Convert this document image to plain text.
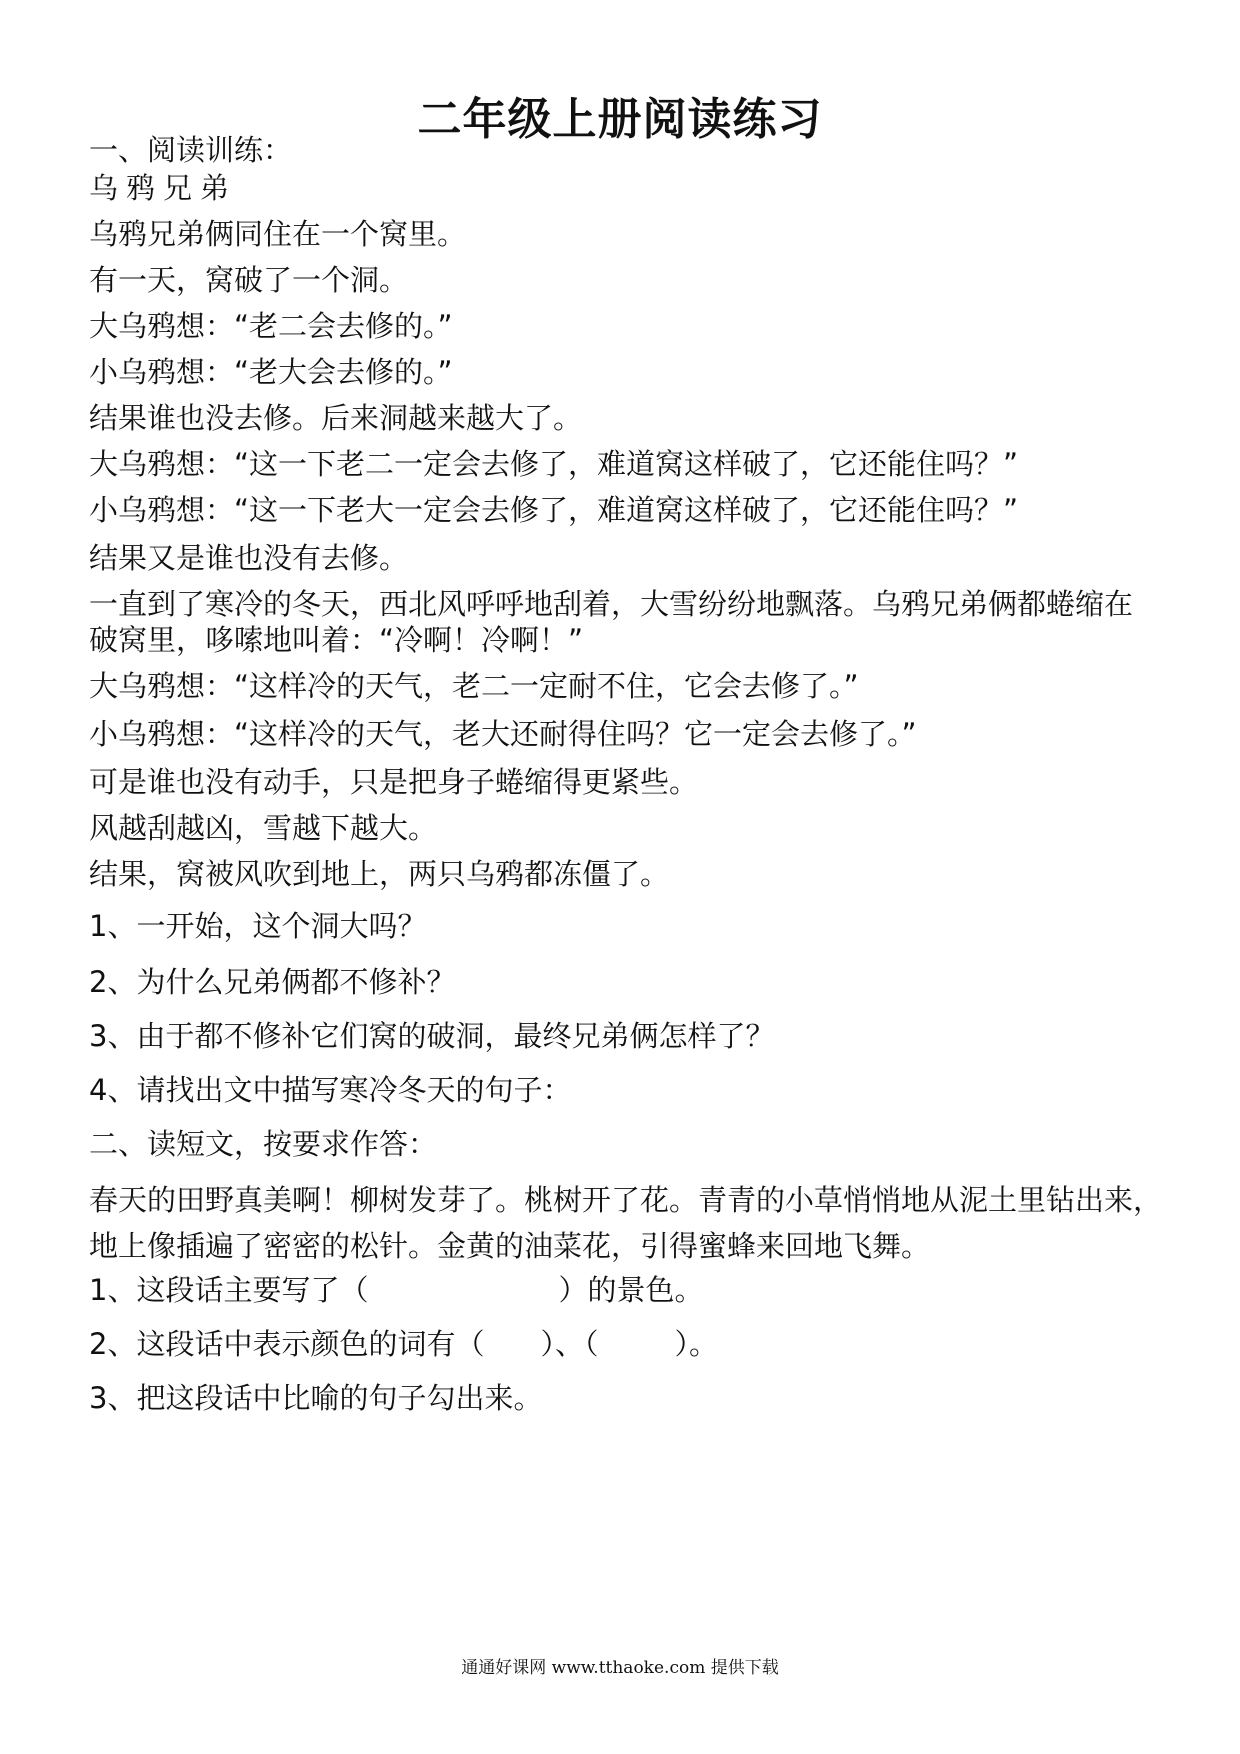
二年级上册阅读练习
一、阅读训练：
乌鸦兄弟
乌鸦兄弟俩同住在一个窝里。
有一天，窝破了一个洞。
大乌鸦想：“老二会去修的。”
小乌鸦想：“老大会去修的。”
结果谁也没去修。后来洞越来越大了。
大乌鸦想：“这一下老二一定会去修了，难道窝这样破了，它还能住吗？”
小乌鸦想：“这一下老大一定会去修了，难道窝这样破了，它还能住吗？”
结果又是谁也没有去修。
一直到了寒冷的冬天，西北风呼呼地刮着，大雪纷纷地飘落。乌鸦兄弟俩都蜷缩在
破窝里，哆嗦地叫着：“冷啊！冷啊！”
大乌鸦想：“这样冷的天气，老二一定耐不住，它会去修了。”
小乌鸦想：“这样冷的天气，老大还耐得住吗？它一定会去修了。”
可是谁也没有动手，只是把身子蜷缩得更紧些。
风越刮越凶，雪越下越大。
结果，窝被风吹到地上，两只乌鸦都冻僵了。
1、一开始，这个洞大吗？
2、为什么兄弟俩都不修补？
3、由于都不修补它们窝的破洞，最终兄弟俩怎样了？
4、请找出文中描写寒冷冬天的句子：
二、读短文，按要求作答：
春天的田野真美啊！柳树发芽了。桃树开了花。青青的小草悄悄地从泥土里钻出来，
地上像插遍了密密的松针。金黄的油菜花，引得蜜蜂来回地飞舞。
1、这段话主要写了（	）的景色。
2、这段话中表示颜色的词有（ ）、（	）。
3、把这段话中比喻的句子勾出来。
通通好课网 www.tthaoke.com 提供下载
